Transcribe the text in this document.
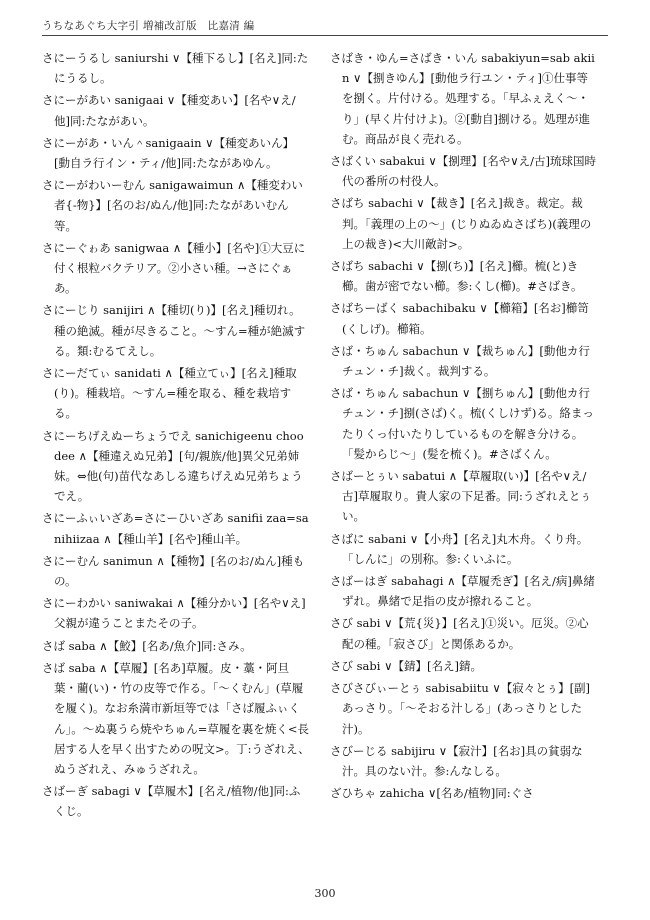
うちなあぐち大字引 増補改訂版　比嘉清 編

さにーうるし saniurshi ∨【種下るし】[名え]同:たにうるし。

さにーがあい sanigaai ∨【種変あい】[名や∨え/他]同:たながあい。

さにーがあ・いん＾sanigaain ∨【種変あいん】[動自ラ行イン・ティ/他]同:たながあゆん。

さにーがわいーむん sanigawaimun ∧【種変わい者{-物}】[名のお/ぬん/他]同:たながあいむん等。

さにーぐゎあ sanigwaa ∧【種小】[名や]①大豆に付く根粒バクテリア。②小さい種。→さにぐぁあ。

さにーじり sanijiri ∧【種切(り)】[名え]種切れ。種の絶滅。種が尽きること。～すん=種が絶滅する。類:むるてえし。

さにーだてぃ sanidati ∧【種立てぃ】[名え]種取(り)。種栽培。～すん=種を取る、種を栽培する。

さにーちげえぬーちょうでえ sanichigeenu choodee ∧【種違えぬ兄弟】[句/親族/他]異父兄弟姉妹。⇔他(句)苗代なあしる違ちげえぬ兄弟ちょうでえ。

さにーふぃいざあ=さにーひいざあ sanifii zaa=sanihiizaa ∧【種山羊】[名や]種山羊。

さにーむん sanimun ∧【種物】[名のお/ぬん]種もの。

さにーわかい saniwakai ∧【種分かい】[名や∨え]父親が違うことまたその子。

さば saba ∧【鮫】[名あ/魚介]同:さみ。

さば saba ∧【草履】[名あ]草履。皮・藁・阿旦葉・藺(い)・竹の皮等で作る。「～くむん」(草履を履く)。なお糸満市新垣等では「さば履ふぃくん」。～ぬ裏うら焼やちゅん=草履を裏を焼く<長居する人を早く出すための呪文>。丁:うざれえ、ぬうざれえ、みゅうざれえ。

さばーぎ sabagi ∨【草履木】[名え/植物/他]同:ふくじ。

さばき・ゆん=さばき・いん sabakiyun=sab akiin ∨【捌きゆん】[動他ラ行ユン・ティ]①仕事等を捌く。片付ける。処理する。「早ふぇえく～・り」(早く片付けよ)。②[動自]捌ける。処理が進む。商品が良く売れる。

さばくい sabakui ∨【捌理】[名や∨え/古]琉球国時代の番所の村役人。

さばち sabachi ∨【裁き】[名え]裁き。裁定。裁判。「義理の上の～」(じりぬゐぬさばち)(義理の上の裁き)<大川敵討>。

さばち sabachi ∨【捌(ち)】[名え]櫛。梳(と)き櫛。歯が密でない櫛。参:くし(櫛)。#さばき。

さばちーばく sabachibaku ∨【櫛箱】[名お]櫛笥(くしげ)。櫛箱。

さば・ちゅん sabachun ∨【裁ちゅん】[動他カ行チュン・チ]裁く。裁判する。

さば・ちゅん sabachun ∨【捌ちゅん】[動他カ行チュン・チ]捌(さば)く。梳(くしけず)る。絡まったりくっ付いたりしているものを解き分ける。「髪からじ～」(髪を梳く)。#さばくん。

さばーとぅい sabatui ∧【草履取(い)】[名や∨え/古]草履取り。貴人家の下足番。同:うざれえとぅい。

さばに sabani ∨【小舟】[名え]丸木舟。くり舟。「しんに」の別称。参:くいふに。

さばーはぎ sabahagi ∧【草履禿ぎ】[名え/病]鼻緒ずれ。鼻緒で足指の皮が擦れること。

さび sabi ∨【荒{災}】[名え]①災い。厄災。②心配の種。「寂さび」と関係あるか。

さび sabi ∨【錆】[名え]錆。

さびさびぃーとぅ sabisabiitu ∨【寂々とぅ】[副]あっさり。「～そおる汁しる」(あっさりとした汁)。

さびーじる sabijiru ∨【寂汁】[名お]具の貧弱な汁。具のない汁。参:んなしる。

ざひちゃ zahicha ∨[名あ/植物]同:ぐさ

300
